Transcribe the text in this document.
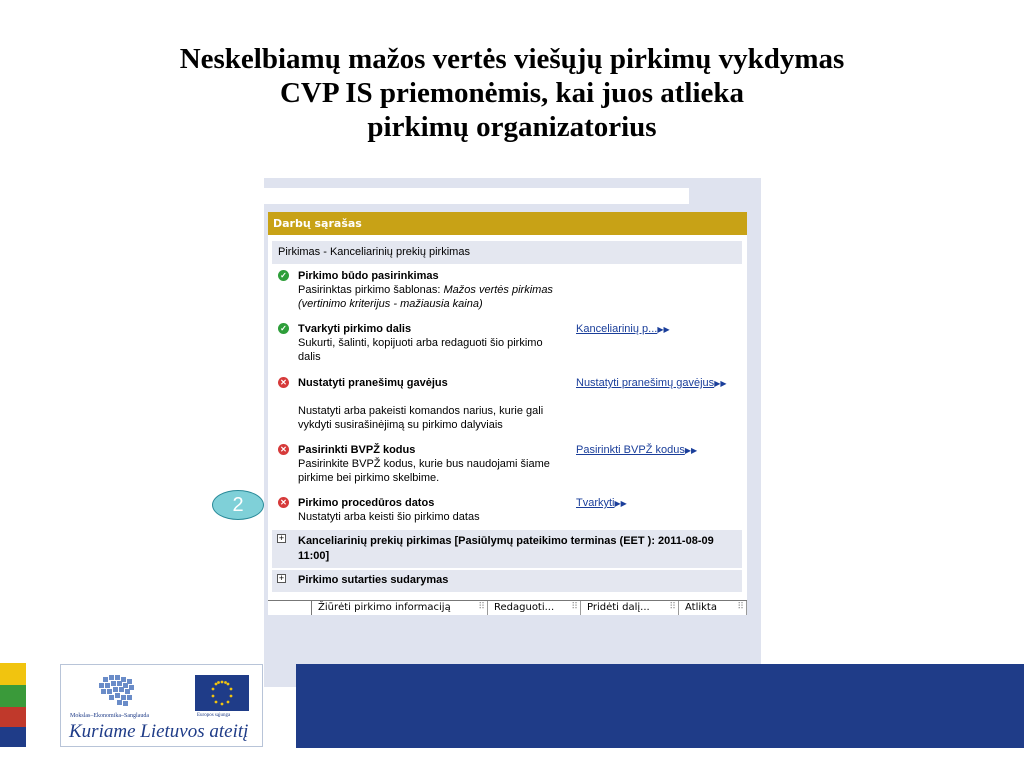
Neskelbiamų mažos vertės viešųjų pirkimų vykdymas
CVP IS priemonėmis, kai juos atlieka
pirkimų organizatorius
Darbų sąrašas
Pirkimas - Kanceliarinių prekių pirkimas
✓ Pirkimo būdo pasirinkimas
Pasirinktas pirkimo šablonas: Mažos vertės pirkimas (vertinimo kriterijus - mažiausia kaina)
✓ Tvarkyti pirkimo dalis
Sukurti, šalinti, kopijuoti arba redaguoti šio pirkimo dalis
Kanceliarinių p...▶▶
✕ Nustatyti pranešimų gavėjus
Nustatyti arba pakeisti komandos narius, kurie gali vykdyti susirašinėjimą su pirkimo dalyviais
Nustatyti pranešimų gavėjus▶▶
✕ Pasirinkti BVPŽ kodus
Pasirinkite BVPŽ kodus, kurie bus naudojami šiame pirkime bei pirkimo skelbime.
Pasirinkti BVPŽ kodus▶▶
✕ Pirkimo procedūros datos
Nustatyti arba keisti šio pirkimo datas
Tvarkyti▶▶
+ Kanceliarinių prekių pirkimas [Pasiūlymų pateikimo terminas (EET ): 2011-08-09 11:00]
+ Pirkimo sutarties sudarymas
Žiūrėti pirkimo informaciją	⠿	Redaguoti... ⠿	Pridėti dalį... ⠿	Atlikta ⠿
2
Mokslas–Ekonomika–Sanglauda	Europos sąjunga
Kuriame Lietuvos ateitį
